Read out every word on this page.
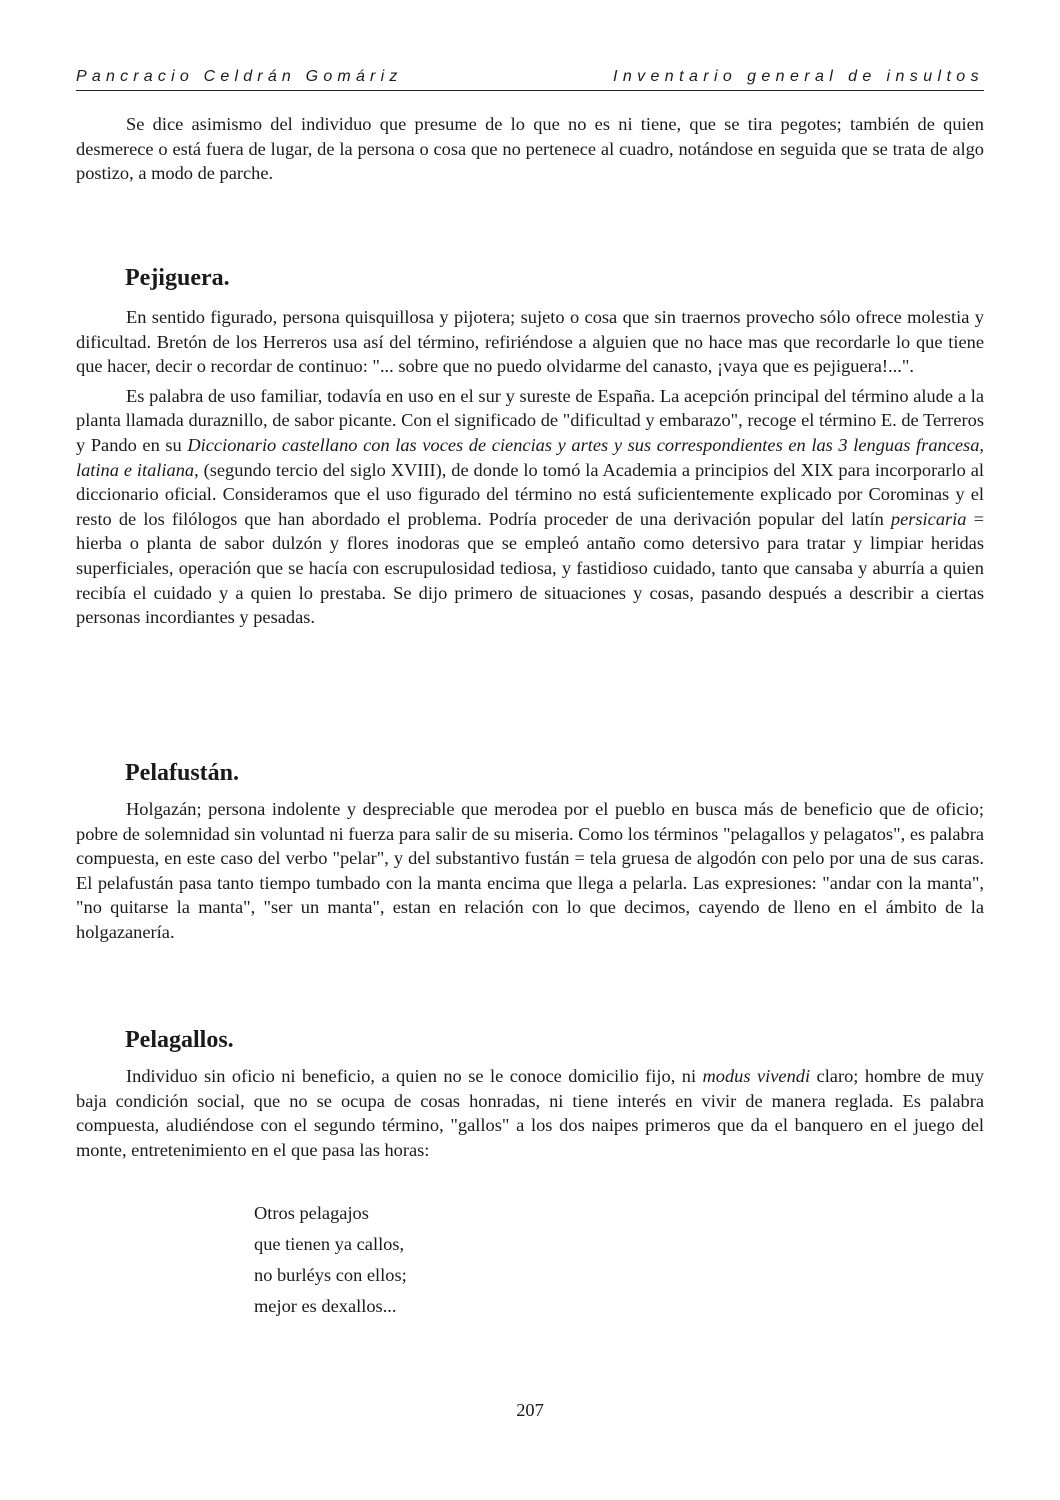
Pancracio Celdrán Gomáriz	Inventario general de insultos

Se dice asimismo del individuo que presume de lo que no es ni tiene, que se tira pegotes; también de quien desmerece o está fuera de lugar, de la persona o cosa que no pertenece al cuadro, notándose en seguida que se trata de algo postizo, a modo de parche.

Pejiguera.

En sentido figurado, persona quisquillosa y pijotera; sujeto o cosa que sin traernos provecho sólo ofrece molestia y dificultad. Bretón de los Herreros usa así del término, refiriéndose a alguien que no hace mas que recordarle lo que tiene que hacer, decir o recordar de continuo: "... sobre que no puedo olvidarme del canasto, ¡vaya que es pejiguera!...".

Es palabra de uso familiar, todavía en uso en el sur y sureste de España. La acepción principal del término alude a la planta llamada duraznillo, de sabor picante. Con el significado de "dificultad y embarazo", recoge el término E. de Terreros y Pando en su Diccionario castellano con las voces de ciencias y artes y sus correspondientes en las 3 lenguas francesa, latina e italiana, (segundo tercio del siglo XVIII), de donde lo tomó la Academia a principios del XIX para incorporarlo al diccionario oficial. Consideramos que el uso figurado del término no está suficientemente explicado por Corominas y el resto de los filólogos que han abordado el problema. Podría proceder de una derivación popular del latín persicaria = hierba o planta de sabor dulzón y flores inodoras que se empleó antaño como detersivo para tratar y limpiar heridas superficiales, operación que se hacía con escrupulosidad tediosa, y fastidioso cuidado, tanto que cansaba y aburría a quien recibía el cuidado y a quien lo prestaba. Se dijo primero de situaciones y cosas, pasando después a describir a ciertas personas incordiantes y pesadas.

Pelafustán.

Holgazán; persona indolente y despreciable que merodea por el pueblo en busca más de beneficio que de oficio; pobre de solemnidad sin voluntad ni fuerza para salir de su miseria. Como los términos "pelagallos y pelagatos", es palabra compuesta, en este caso del verbo "pelar", y del substantivo fustán = tela gruesa de algodón con pelo por una de sus caras. El pelafustán pasa tanto tiempo tumbado con la manta encima que llega a pelarla. Las expresiones: "andar con la manta", "no quitarse la manta", "ser un manta", estan en relación con lo que decimos, cayendo de lleno en el ámbito de la holgazanería.

Pelagallos.

Individuo sin oficio ni beneficio, a quien no se le conoce domicilio fijo, ni modus vivendi claro; hombre de muy baja condición social, que no se ocupa de cosas honradas, ni tiene interés en vivir de manera reglada. Es palabra compuesta, aludiéndose con el segundo término, "gallos" a los dos naipes primeros que da el banquero en el juego del monte, entretenimiento en el que pasa las horas:

Otros pelagajos
que tienen ya callos,
no burléys con ellos;
mejor es dexallos...
207
